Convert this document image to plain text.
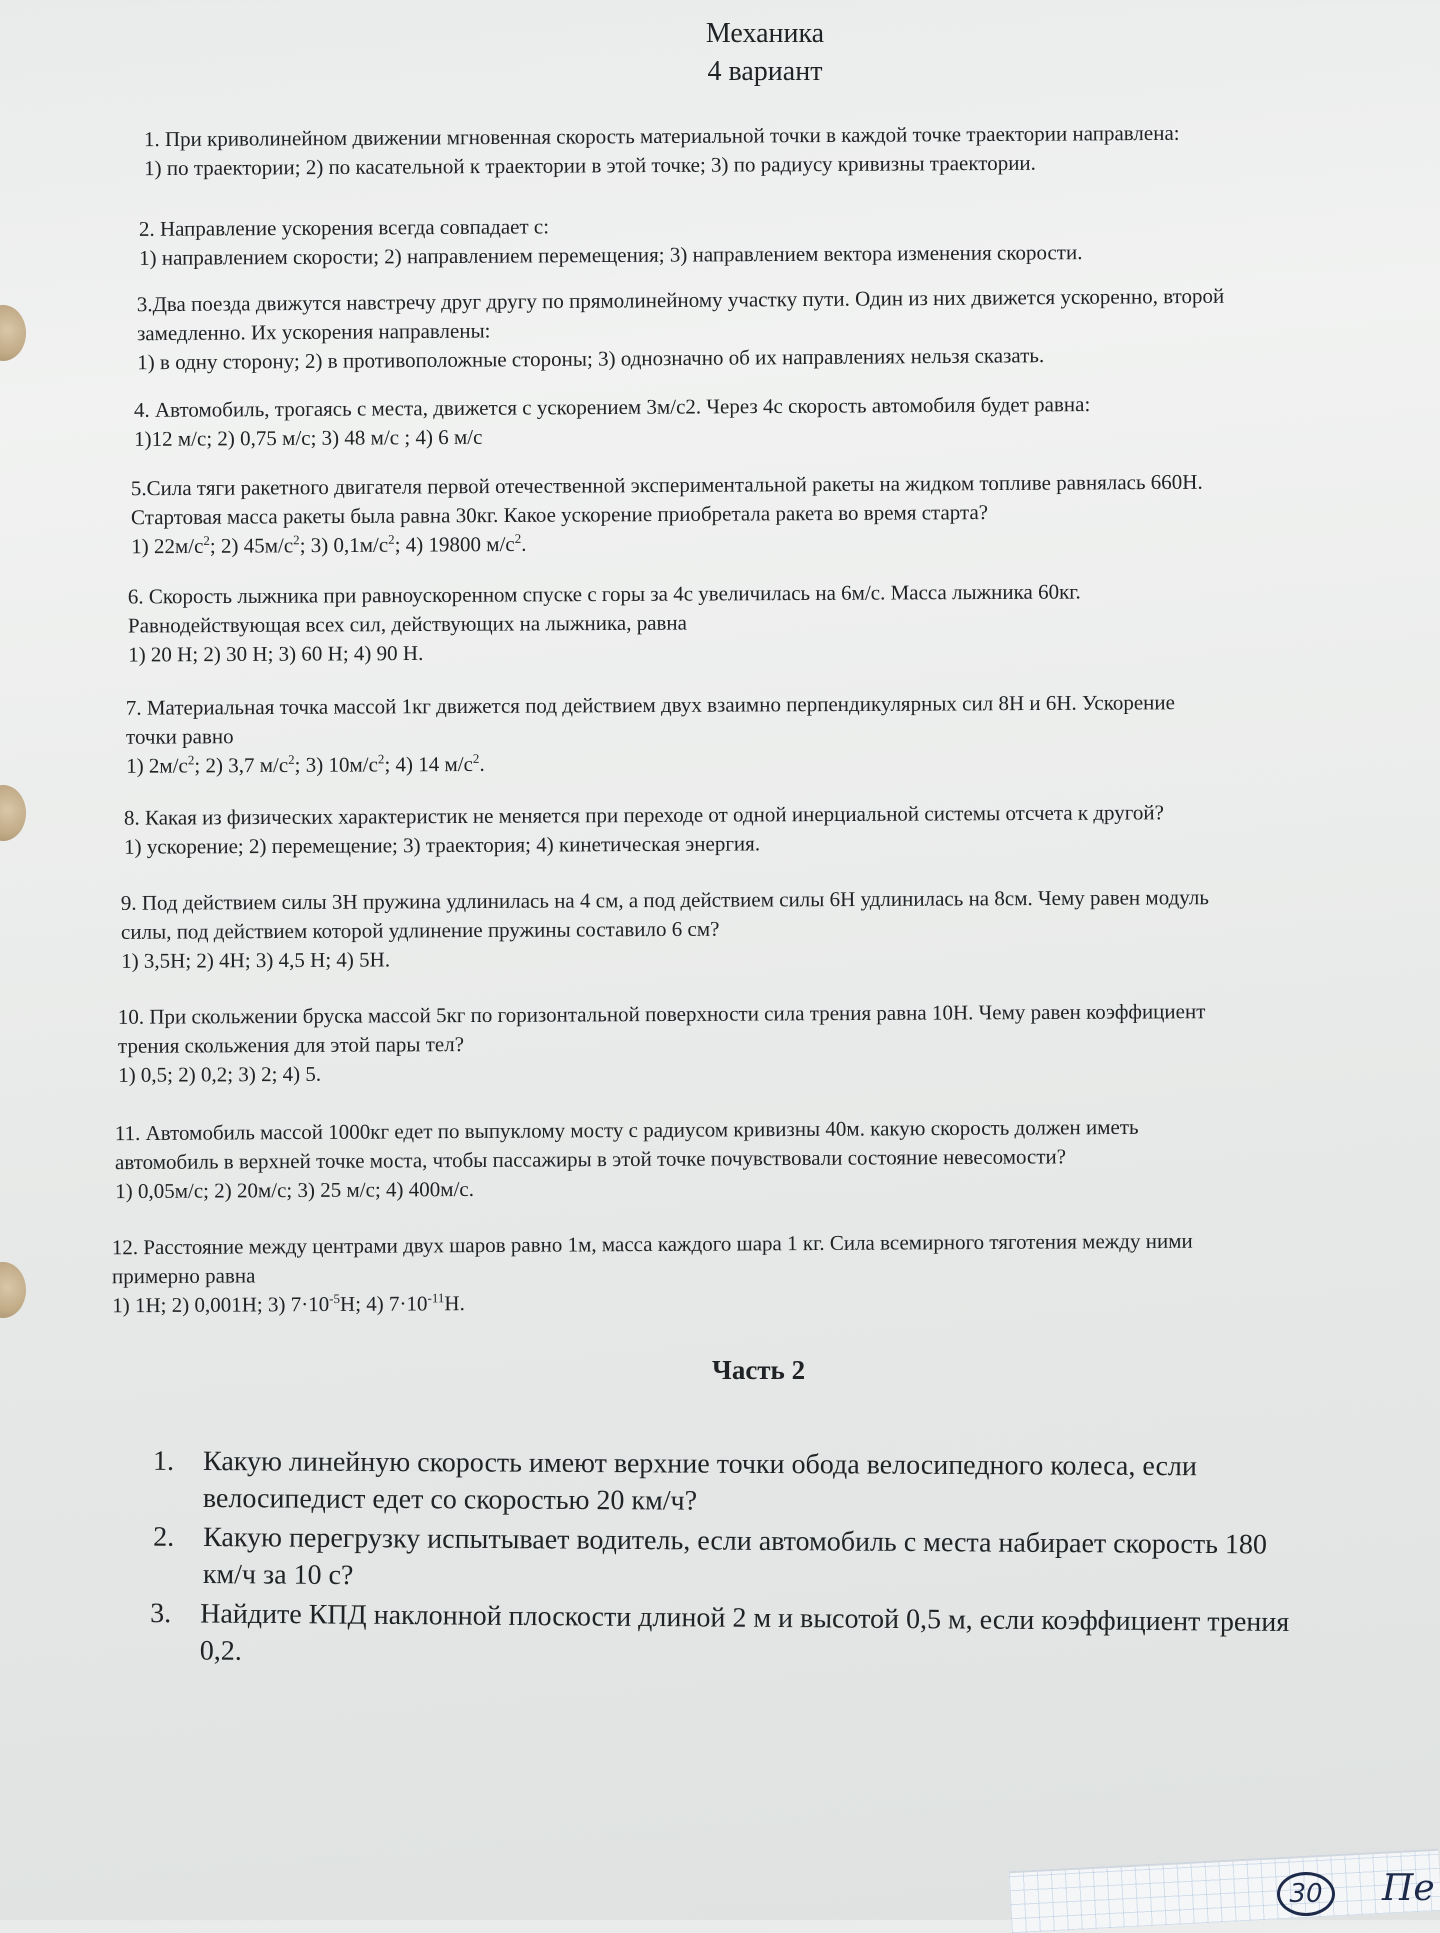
Механика
4 вариант

1. При криволинейном движении мгновенная скорость материальной точки в каждой точке траектории направлена:

1) по траектории; 2) по касательной к траектории в этой точке; 3) по радиусу кривизны траектории.

2. Направление ускорения всегда совпадает с:

1) направлением скорости; 2) направлением перемещения; 3) направлением вектора изменения скорости.

3.Два поезда движутся навстречу друг другу по прямолинейному участку пути. Один из них движется ускоренно, второй

замедленно. Их ускорения направлены:

1) в одну сторону; 2) в противоположные стороны; 3) однозначно об их направлениях нельзя сказать.

4. Автомобиль, трогаясь с места, движется с ускорением 3м/с2. Через 4с скорость автомобиля будет равна:

1)12 м/с; 2) 0,75 м/с; 3) 48 м/с ; 4) 6 м/с

5.Сила тяги ракетного двигателя первой отечественной экспериментальной ракеты на жидком топливе равнялась 660Н.

Стартовая масса ракеты была равна 30кг. Какое ускорение приобретала ракета во время старта?

1) $22м/с^2$; 2) $45м/с^2$; 3) $0,1м/с^2$; 4) 19800 $м/с^2$.

6. Скорость лыжника при равноускоренном спуске с горы за 4с увеличилась на 6м/с. Масса лыжника 60кг.

Равнодействующая всех сил, действующих на лыжника, равна

1) 20 Н; 2) 30 Н; 3) 60 Н; 4) 90 Н.

7. Материальная точка массой 1кг движется под действием двух взаимно перпендикулярных сил 8Н и 6Н. Ускорение

точки равно

1) $2м/с^2$; 2) 3,7 $м/с^2$; 3) $10м/с^2$; 4) 14 $м/с^2$.

8. Какая из физических характеристик не меняется при переходе от одной инерциальной системы отсчета к другой?

1) ускорение; 2) перемещение; 3) траектория; 4) кинетическая энергия.

9. Под действием силы 3Н пружина удлинилась на 4 см, а под действием силы 6Н удлинилась на 8см. Чему равен модуль

силы, под действием которой удлинение пружины составило 6 см?

1) 3,5Н; 2) 4Н; 3) 4,5 Н; 4) 5Н.

10. При скольжении бруска массой 5кг по горизонтальной поверхности сила трения равна 10Н. Чему равен коэффициент

трения скольжения для этой пары тел?

1) 0,5; 2) 0,2; 3) 2; 4) 5.

11. Автомобиль массой 1000кг едет по выпуклому мосту с радиусом кривизны 40м. какую скорость должен иметь

автомобиль в верхней точке моста, чтобы пассажиры в этой точке почувствовали состояние невесомости?

1) 0,05м/с; 2) 20м/с; 3) 25 м/с; 4) 400м/с.

12. Расстояние между центрами двух шаров равно 1м, масса каждого шара 1 кг. Сила всемирного тяготения между ними

примерно равна

1) 1Н; 2) 0,001Н; 3) $7\cdot 10^{-5}Н$; 4) $7\cdot 10^{-11}Н$.

Часть 2
1. Какую линейную скорость имеют верхние точки обода велосипедного колеса, если
велосипедист едет со скоростью 20 км/ч?
2. Какую перегрузку испытывает водитель, если автомобиль с места набирает скорость 180
км/ч за 10 с?
3. Найдите КПД наклонной плоскости длиной 2 м и высотой 0,5 м, если коэффициент трения
0,2.
30	Пе
